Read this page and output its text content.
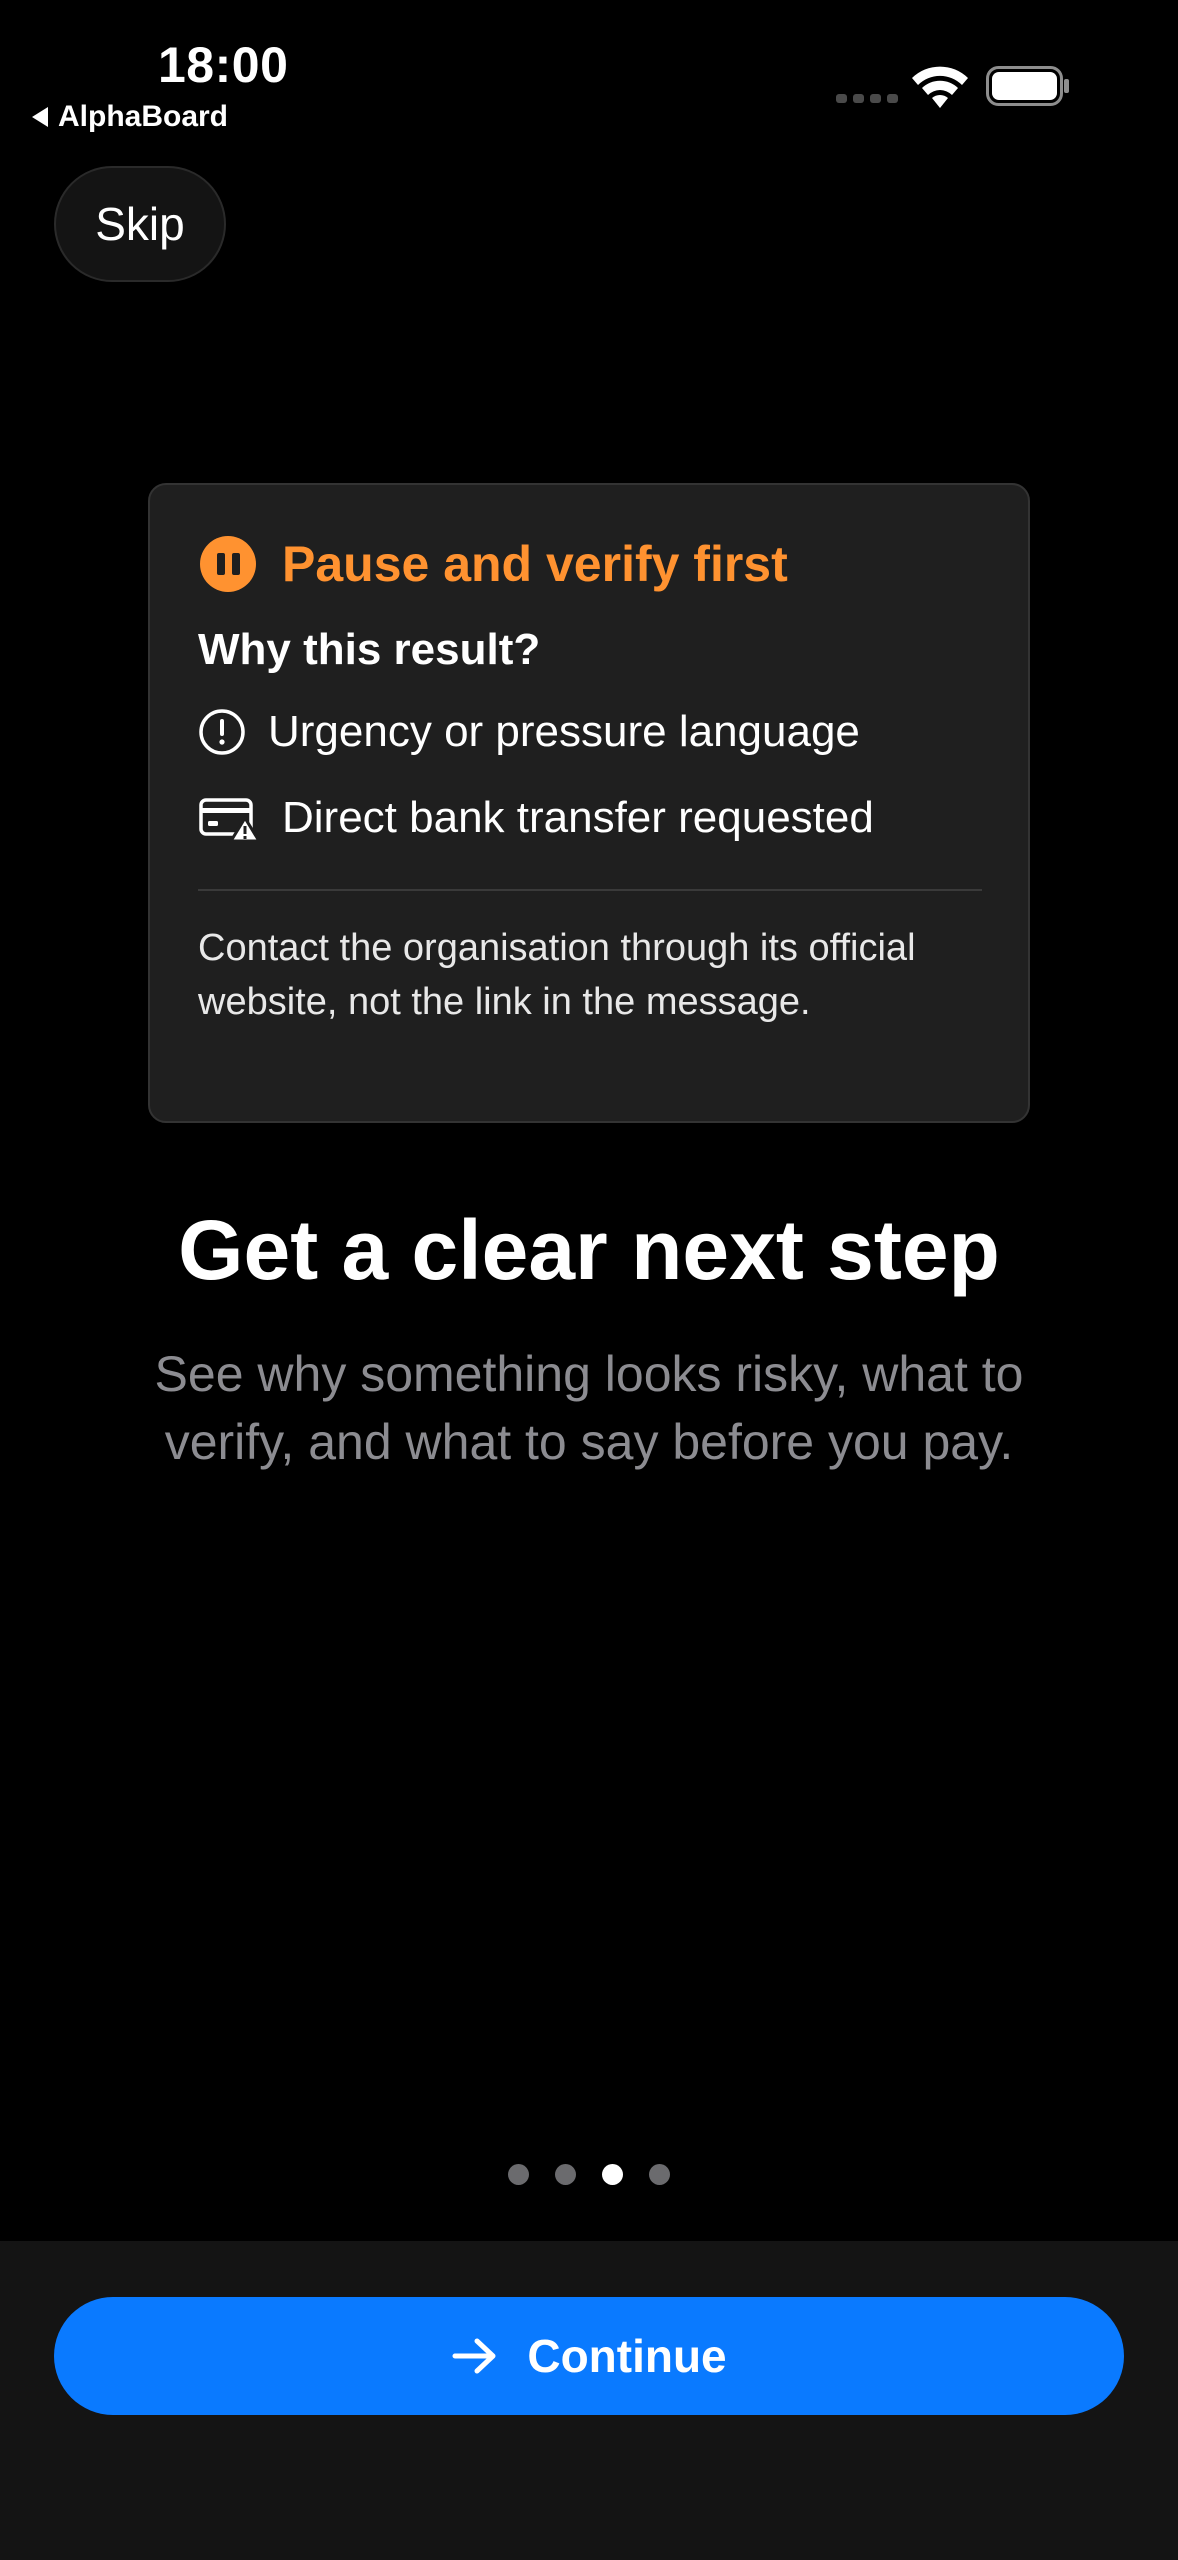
18:00
AlphaBoard
Skip
Pause and verify first
Why this result?
Urgency or pressure language
Direct bank transfer requested
Contact the organisation through its official website, not the link in the message.
Get a clear next step
See why something looks risky, what to verify, and what to say before you pay.
Continue
